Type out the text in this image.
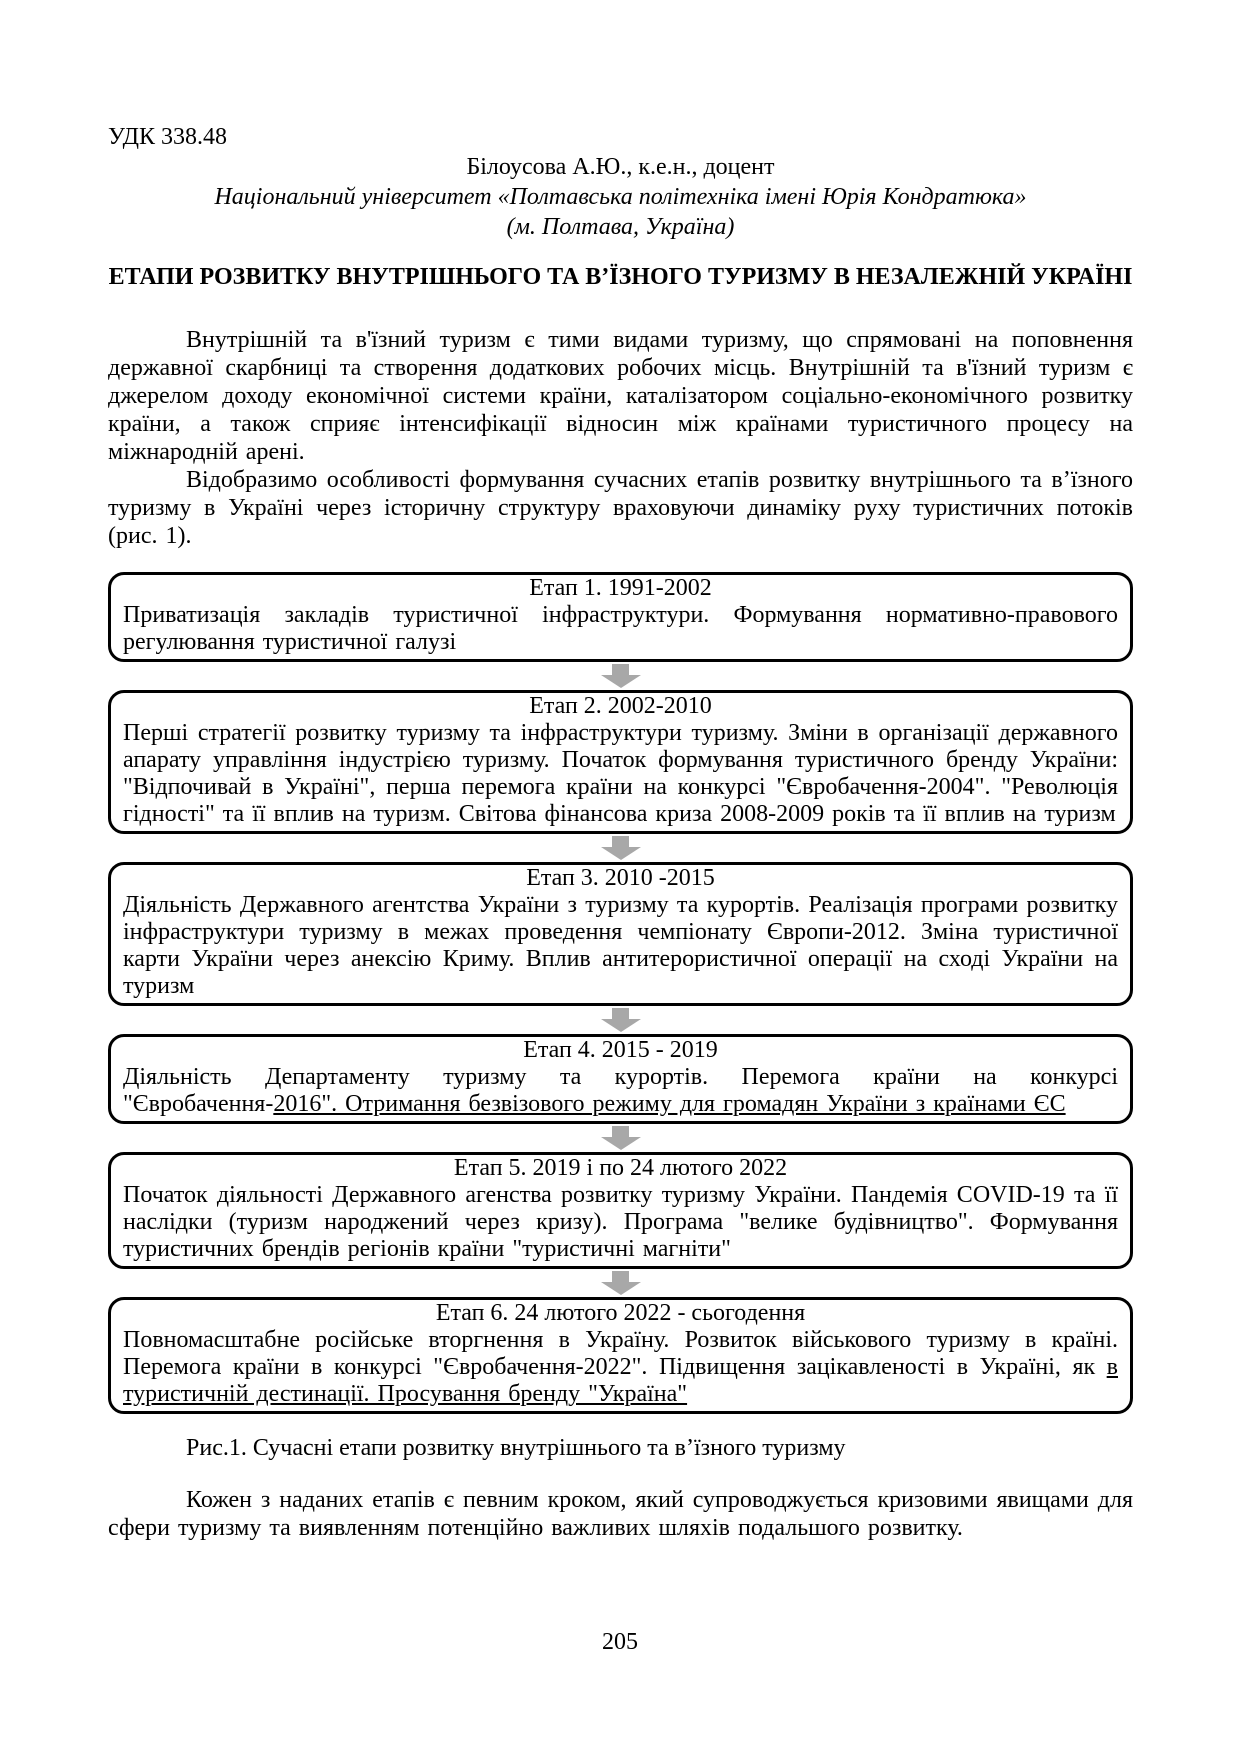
УДК 338.48
Білоусова А.Ю., к.е.н., доцент
Національний університет «Полтавська політехніка імені Юрія Кондратюка»
(м. Полтава, Україна)
ЕТАПИ РОЗВИТКУ ВНУТРІШНЬОГО ТА В’ЇЗНОГО ТУРИЗМУ В НЕЗАЛЕЖНІЙ УКРАЇНІ

Внутрішній та в'їзний туризм є тими видами туризму, що спрямовані на поповнення державної скарбниці та створення додаткових робочих місць. Внутрішній та в'їзний туризм є джерелом доходу економічної системи країни, каталізатором соціально-економічного розвитку країни, а також сприяє інтенсифікації відносин між країнами туристичного процесу на міжнародній арені.

Відобразимо особливості формування сучасних етапів розвитку внутрішнього та в’їзного туризму в Україні через історичну структуру враховуючи динаміку руху туристичних потоків (рис. 1).

Етап 1. 1991-2002

Приватизація закладів туристичної інфраструктури. Формування нормативно-правового регулювання туристичної галузі

Етап 2. 2002-2010

Перші стратегії розвитку туризму та інфраструктури туризму. Зміни в організації державного апарату управління індустрією туризму. Початок формування туристичного бренду України: "Відпочивай в Україні", перша перемога країни на конкурсі "Євробачення-2004". "Революція гідності" та її вплив на туризм. Світова фінансова криза 2008-2009 років та її вплив на туризм

Етап 3. 2010 -2015

Діяльність Державного агентства України з туризму та курортів. Реалізація програми розвитку інфраструктури туризму в межах проведення чемпіонату Європи-2012. Зміна туристичної карти України через анексію Криму. Вплив антитерористичної операції на сході України на туризм

Етап 4. 2015 - 2019

Діяльність Департаменту туризму та курортів. Перемога країни на конкурсі "Євробачення-2016". Отримання безвізового режиму для громадян України з країнами ЄС

Етап 5. 2019 і по 24 лютого 2022

Початок діяльності Державного агенства розвитку туризму України. Пандемія COVID-19 та її наслідки (туризм народжений через кризу). Програма "велике будівництво". Формування туристичних брендів регіонів країни "туристичні магніти"

Етап 6. 24 лютого 2022 - сьогодення

Повномасштабне російське вторгнення в Україну. Розвиток військового туризму в країні. Перемога країни в конкурсі "Євробачення-2022". Підвищення зацікавленості в Україні, як в туристичній дестинації. Просування бренду "Україна"

Рис.1. Сучасні етапи розвитку внутрішнього та в’їзного туризму

Кожен з наданих етапів є певним кроком, який супроводжується кризовими явищами для сфери туризму та виявленням потенційно важливих шляхів подальшого розвитку.

205
